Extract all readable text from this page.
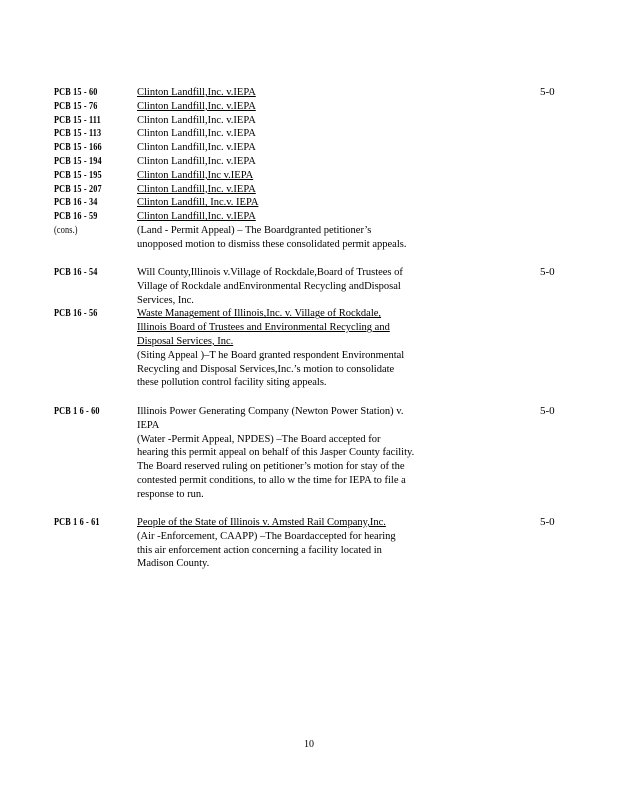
PCB 15 - 60
PCB 15 - 76
PCB 15 - 111
PCB 15 - 113
PCB 15 - 166
PCB 15 - 194
PCB 15 - 195
PCB 15 - 207
PCB 16 - 34
PCB 16 - 59
(cons.)
Clinton Landfill,Inc. v.IEPA
Clinton Landfill,Inc. v.IEPA
Clinton Landfill,Inc. v.IEPA
Clinton Landfill,Inc. v.IEPA
Clinton Landfill,Inc. v.IEPA
Clinton Landfill,Inc. v.IEPA
Clinton Landfill,Inc v.IEPA
Clinton Landfill,Inc. v.IEPA
Clinton Landfill, Inc.v. IEPA
Clinton Landfill,Inc. v.IEPA
(Land - Permit Appeal) – The Boardgranted petitioner’s
unopposed motion to dismiss these consolidated permit appeals.
5-0
PCB 16 - 54
PCB 16 - 56
Will County,Illinois v.Village of Rockdale,Board of Trustees of
Village of Rockdale andEnvironmental Recycling andDisposal
Services, Inc.
Waste Management of Illinois,Inc. v. Village of Rockdale,
Illinois Board of Trustees and Environmental Recycling and
Disposal Services, Inc.
(Siting Appeal )–T he Board granted respondent Environmental
Recycling and Disposal Services,Inc.’s motion to consolidate
these pollution control facility siting appeals.
5-0
PCB 1 6 - 60	Illinois Power Generating Company (Newton Power Station) v.
IEPA
(Water -Permit Appeal, NPDES) –The Board accepted for
hearing this permit appeal on behalf of this Jasper County facility.
The Board reserved ruling on petitioner’s motion for stay of the
contested permit conditions, to allo w the time for IEPA to file a
response to run.
5-0
PCB 1 6 - 61	People of the State of Illinois v. Amsted Rail Company,Inc.
(Air -Enforcement, CAAPP) –The Boardaccepted for hearing
this air enforcement action concerning a facility located in
Madison County.
5-0
10
